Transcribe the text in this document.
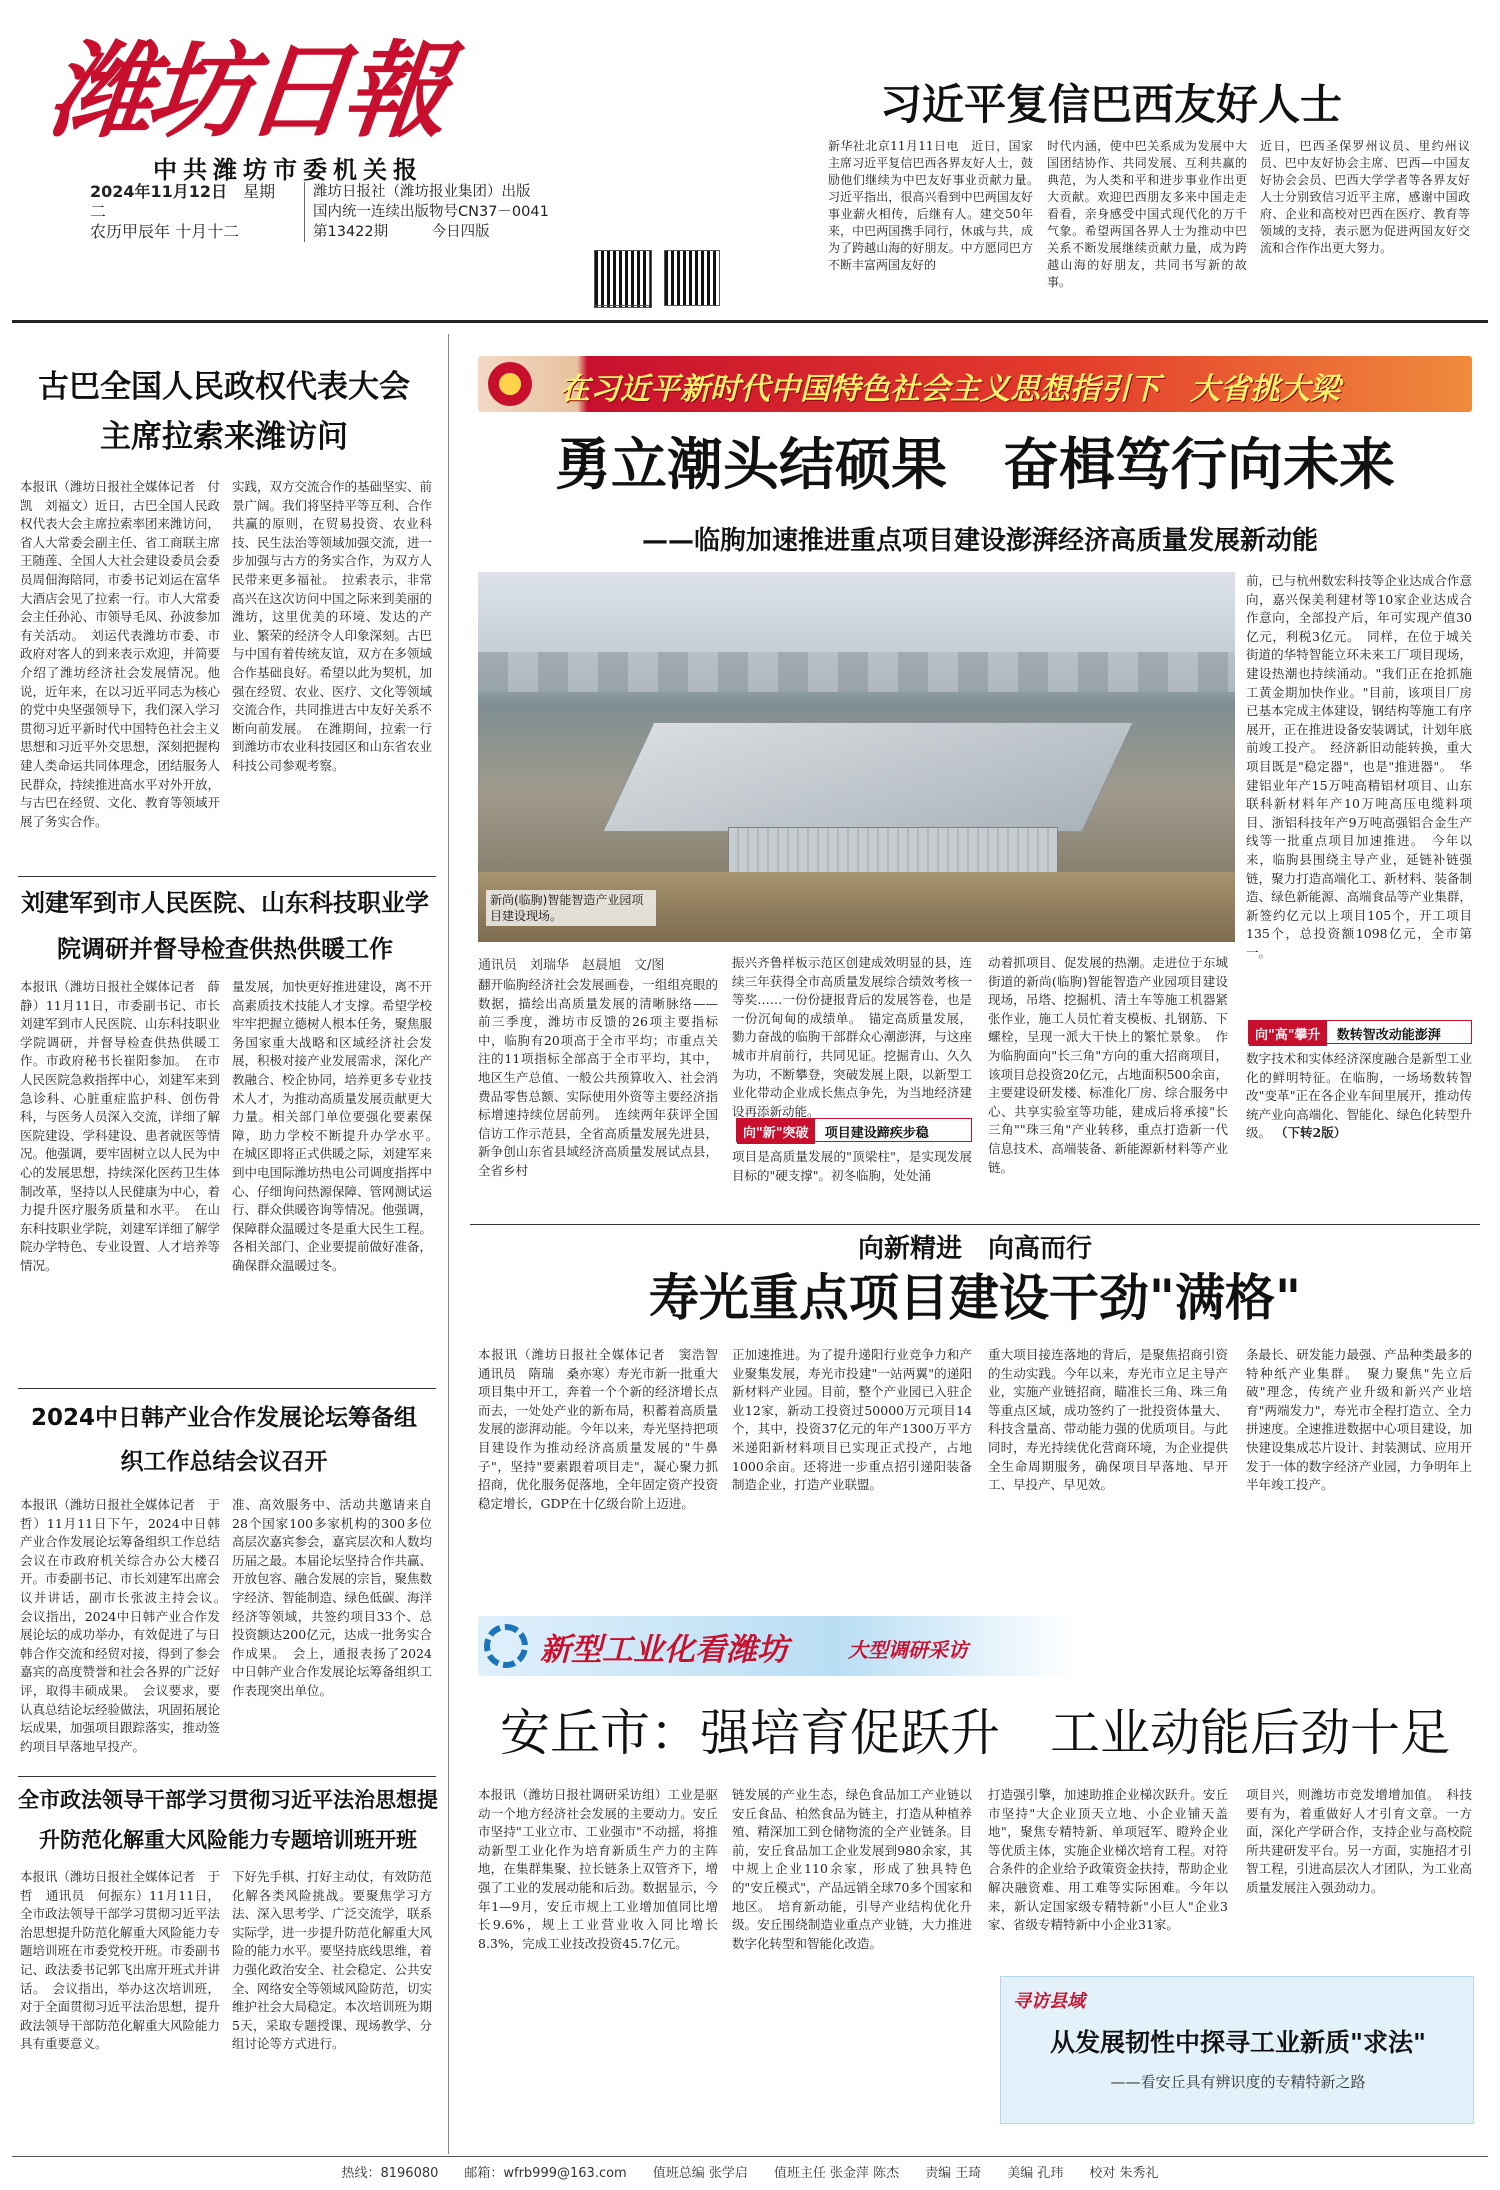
潍坊日報
中共潍坊市委机关报
2024年11月12日　 星期二
农历甲辰年 十月十二
潍坊日报社（潍坊报业集团）出版
国内统一连续出版物号CN37－0041
第13422期　　　	今日四版
习近平复信巴西友好人士
新华社北京11月11日电　近日，国家主席习近平复信巴西各界友好人士，鼓励他们继续为中巴友好事业贡献力量。　习近平指出，很高兴看到中巴两国友好事业薪火相传，后继有人。建交50年来，中巴两国携手同行，休戚与共，成为了跨越山海的好朋友。中方愿同巴方不断丰富两国友好的
时代内涵，使中巴关系成为发展中大国团结协作、共同发展、互利共赢的典范，为人类和平和进步事业作出更大贡献。欢迎巴西朋友多来中国走走看看，亲身感受中国式现代化的万千气象。希望两国各界人士为推动中巴关系不断发展继续贡献力量，成为跨越山海的好朋友，共同书写新的故事。
近日，巴西圣保罗州议员、里约州议员、巴中友好协会主席、巴西—中国友好协会会员、巴西大学学者等各界友好人士分别致信习近平主席，感谢中国政府、企业和高校对巴西在医疗、教育等领域的支持，表示愿为促进两国友好交流和合作作出更大努力。
古巴全国人民政权代表大会主席拉索来潍访问
本报讯（潍坊日报社全媒体记者　付凯　刘福文）近日，古巴全国人民政权代表大会主席拉索率团来潍访问，省人大常委会副主任、省工商联主席王随莲、全国人大社会建设委员会委员周佃海陪同，市委书记刘运在富华大酒店会见了拉索一行。市人大常委会主任孙沁、市领导毛凤、孙波参加有关活动。　刘运代表潍坊市委、市政府对客人的到来表示欢迎，并简要介绍了潍坊经济社会发展情况。他说，近年来，在以习近平同志为核心的党中央坚强领导下，我们深入学习贯彻习近平新时代中国特色社会主义思想和习近平外交思想，深刻把握构建人类命运共同体理念，团结服务人民群众，持续推进高水平对外开放，与古巴在经贸、文化、教育等领域开展了务实合作。
实践，双方交流合作的基础坚实、前景广阔。我们将坚持平等互利、合作共赢的原则，在贸易投资、农业科技、民生法治等领域加强交流，进一步加强与古方的务实合作，为双方人民带来更多福祉。　拉索表示，非常高兴在这次访问中国之际来到美丽的潍坊，这里优美的环境、发达的产业、繁荣的经济令人印象深刻。古巴与中国有着传统友谊，双方在多领域合作基础良好。希望以此为契机，加强在经贸、农业、医疗、文化等领域交流合作，共同推进古中友好关系不断向前发展。　在潍期间，拉索一行到潍坊市农业科技园区和山东省农业科技公司参观考察。
刘建军到市人民医院、山东科技职业学院调研并督导检查供热供暖工作
本报讯（潍坊日报社全媒体记者　薛静）11月11日，市委副书记、市长刘建军到市人民医院、山东科技职业学院调研，并督导检查供热供暖工作。市政府秘书长崔阳参加。　在市人民医院急救指挥中心，刘建军来到急诊科、心脏重症监护科、创伤骨科，与医务人员深入交流，详细了解医院建设、学科建设、患者就医等情况。他强调，要牢固树立以人民为中心的发展思想，持续深化医药卫生体制改革，坚持以人民健康为中心，着力提升医疗服务质量和水平。　在山东科技职业学院，刘建军详细了解学院办学特色、专业设置、人才培养等情况。
量发展，加快更好推进建设，离不开高素质技术技能人才支撑。希望学校牢牢把握立德树人根本任务，聚焦服务国家重大战略和区域经济社会发展，积极对接产业发展需求，深化产教融合、校企协同，培养更多专业技术人才，为推动高质量发展贡献更大力量。相关部门单位要强化要素保障，助力学校不断提升办学水平。　在城区即将正式供暖之际，刘建军来到中电国际潍坊热电公司调度指挥中心、仔细询问热源保障、管网测试运行、群众供暖咨询等情况。他强调，保障群众温暖过冬是重大民生工程。各相关部门、企业要提前做好准备，确保群众温暖过冬。
2024中日韩产业合作发展论坛筹备组织工作总结会议召开
本报讯（潍坊日报社全媒体记者　于哲）11月11日下午，2024中日韩产业合作发展论坛筹备组织工作总结会议在市政府机关综合办公大楼召开。市委副书记、市长刘建军出席会议并讲话，副市长张波主持会议。　会议指出，2024中日韩产业合作发展论坛的成功举办，有效促进了与日韩合作交流和经贸对接，得到了参会嘉宾的高度赞誉和社会各界的广泛好评，取得丰硕成果。　会议要求，要认真总结论坛经验做法，巩固拓展论坛成果，加强项目跟踪落实，推动签约项目早落地早投产。
准、高效服务中、活动共邀请来自28个国家100多家机构的300多位高层次嘉宾参会，嘉宾层次和人数均历届之最。本届论坛坚持合作共赢、开放包容、融合发展的宗旨，聚焦数字经济、智能制造、绿色低碳、海洋经济等领域，共签约项目33个、总投资额达200亿元，达成一批务实合作成果。　会上，通报表扬了2024中日韩产业合作发展论坛筹备组织工作表现突出单位。
全市政法领导干部学习贯彻习近平法治思想提升防范化解重大风险能力专题培训班开班
本报讯（潍坊日报社全媒体记者　于哲　通讯员　何振东）11月11日，全市政法领导干部学习贯彻习近平法治思想提升防范化解重大风险能力专题培训班在市委党校开班。市委副书记、政法委书记郭飞出席开班式并讲话。　会议指出，举办这次培训班，对于全面贯彻习近平法治思想，提升政法领导干部防范化解重大风险能力具有重要意义。
下好先手棋、打好主动仗，有效防范化解各类风险挑战。要聚焦学习方法、深入思考学、广泛交流学，联系实际学，进一步提升防范化解重大风险的能力水平。要坚持底线思维，着力强化政治安全、社会稳定、公共安全、网络安全等领域风险防范，切实维护社会大局稳定。本次培训班为期5天，采取专题授课、现场教学、分组讨论等方式进行。
在习近平新时代中国特色社会主义思想指引下　大省挑大梁
勇立潮头结硕果　奋楫笃行向未来
——临朐加速推进重点项目建设澎湃经济高质量发展新动能
新尚(临朐)智能智造产业园项目建设现场。
通讯员　刘瑞华　赵晨旭　文/图
翻开临朐经济社会发展画卷，一组组亮眼的数据，描绘出高质量发展的清晰脉络——　前三季度，潍坊市反馈的26项主要指标中，临朐有20项高于全市平均；市重点关注的11项指标全部高于全市平均，其中，地区生产总值、一般公共预算收入、社会消费品零售总额、实际使用外资等主要经济指标增速持续位居前列。　连续两年获评全国信访工作示范县，全省高质量发展先进县，新争创山东省县域经济高质量发展试点县，全省乡村
振兴齐鲁样板示范区创建成效明显的县，连续三年获得全市高质量发展综合绩效考核一等奖……一份份捷报背后的发展答卷，也是一份沉甸甸的成绩单。　锚定高质量发展，勠力奋战的临朐干部群众心潮澎湃，与这座城市并肩前行，共同见证。挖掘青山、久久为功，不断攀登，突破发展上限，以新型工业化带动企业成长焦点争先，为当地经济建设再添新动能。
向"新"突破 项目建设蹄疾步稳
项目是高质量发展的"顶梁柱"，是实现发展目标的"硬支撑"。初冬临朐，处处涌
动着抓项目、促发展的热潮。走进位于东城街道的新尚(临朐)智能智造产业园项目建设现场，吊塔、挖掘机、清土车等施工机器紧张作业，施工人员忙着支模板、扎钢筋、下螺栓，呈现一派大干快上的繁忙景象。　作为临朐面向"长三角"方向的重大招商项目，该项目总投资20亿元，占地面积500余亩，主要建设研发楼、标准化厂房、综合服务中心、共享实验室等功能，建成后将承接"长三角""珠三角"产业转移，重点打造新一代信息技术、高端装备、新能源新材料等产业链。
前，已与杭州数宏科技等企业达成合作意向，嘉兴保美利建材等10家企业达成合作意向，全部投产后，年可实现产值30亿元，利税3亿元。　同样，在位于城关街道的华特智能立环未来工厂项目现场，建设热潮也持续涌动。"我们正在抢抓施工黄金期加快作业。"目前，该项目厂房已基本完成主体建设，钢结构等施工有序展开，正在推进设备安装调试，计划年底前竣工投产。　经济新旧动能转换，重大项目既是"稳定器"，也是"推进器"。　华建铝业年产15万吨高精铝材项目、山东联科新材料年产10万吨高压电缆料项目、浙铝科技年产9万吨高强铝合金生产线等一批重点项目加速推进。　今年以来，临朐县围绕主导产业，延链补链强链，聚力打造高端化工、新材料、装备制造、绿色新能源、高端食品等产业集群，新签约亿元以上项目105个，开工项目135个，总投资额1098亿元，全市第一。
向"高"攀升 数转智改动能澎湃
数字技术和实体经济深度融合是新型工业化的鲜明特征。在临朐，一场场数转智改"变革"正在各企业车间里展开，推动传统产业向高端化、智能化、绿色化转型升级。 （下转2版）
向新精进　向高而行
寿光重点项目建设干劲"满格"
本报讯（潍坊日报社全媒体记者　窦浩智　通讯员　隋瑞　桑亦寒）寿光市新一批重大项目集中开工，奔着一个个新的经济增长点而去，一处处产业的新布局，积蓄着高质量发展的澎湃动能。今年以来，寿光坚持把项目建设作为推动经济高质量发展的"牛鼻子"，坚持"要素跟着项目走"，凝心聚力抓招商，优化服务促落地，全年固定资产投资稳定增长，GDP在十亿级台阶上迈进。
正加速推进。为了提升递阳行业竞争力和产业聚集发展，寿光市投建"一站两翼"的递阳新材料产业园。目前，整个产业园已入驻企业12家，新动工投资过50000万元项目14个，其中，投资37亿元的年产1300万平方米递阳新材料项目已实现正式投产，占地1000余亩。还将进一步重点招引递阳装备制造企业，打造产业联盟。
重大项目接连落地的背后，是聚焦招商引资的生动实践。今年以来，寿光市立足主导产业，实施产业链招商，瞄准长三角、珠三角等重点区域，成功签约了一批投资体量大、科技含量高、带动能力强的优质项目。与此同时，寿光持续优化营商环境，为企业提供全生命周期服务，确保项目早落地、早开工、早投产、早见效。
条最长、研发能力最强、产品种类最多的特种纸产业集群。　聚力聚焦"先立后破"理念，传统产业升级和新兴产业培育"两端发力"，寿光市全程打造立、全力拼速度。全速推进数据中心项目建设，加快建设集成芯片设计、封装测试、应用开发于一体的数字经济产业园，力争明年上半年竣工投产。
新型工业化看潍坊	大型调研采访
安丘市：强培育促跃升　工业动能后劲十足
本报讯（潍坊日报社调研采访组）工业是驱动一个地方经济社会发展的主要动力。安丘市坚持"工业立市、工业强市"不动摇，将推动新型工业化作为培育新质生产力的主阵地，在集群集聚、拉长链条上双管齐下，增强了工业的发展动能和后劲。数据显示，今年1—9月，安丘市规上工业增加值同比增长9.6%，规上工业营业收入同比增长8.3%，完成工业技改投资45.7亿元。
链发展的产业生态，绿色食品加工产业链以安丘食品、柏然食品为链主，打造从种植养殖、精深加工到仓储物流的全产业链条。目前，安丘食品加工企业发展到980余家，其中规上企业110余家，形成了独具特色的"安丘模式"，产品远销全球70多个国家和地区。　培育新动能，引导产业结构优化升级。安丘围绕制造业重点产业链，大力推进数字化转型和智能化改造。
打造强引擎，加速助推企业梯次跃升。安丘市坚持"大企业顶天立地、小企业铺天盖地"，聚焦专精特新、单项冠军、瞪羚企业等优质主体，实施企业梯次培育工程。对符合条件的企业给予政策资金扶持，帮助企业解决融资难、用工难等实际困难。今年以来，新认定国家级专精特新"小巨人"企业3家、省级专精特新中小企业31家。
项目兴，则潍坊市竞发增增加值。　科技要有为，着重做好人才引育文章。一方面，深化产学研合作，支持企业与高校院所共建研发平台。另一方面，实施招才引智工程，引进高层次人才团队，为工业高质量发展注入强劲动力。
寻访县域
从发展韧性中探寻工业新质"求法"
——看安丘具有辨识度的专精特新之路
热线：8196080　　邮箱：wfrb999@163.com　　值班总编 张学启　　值班主任 张金萍 陈杰　　责编 王琦　　美编 孔玮　　校对 朱秀礼
